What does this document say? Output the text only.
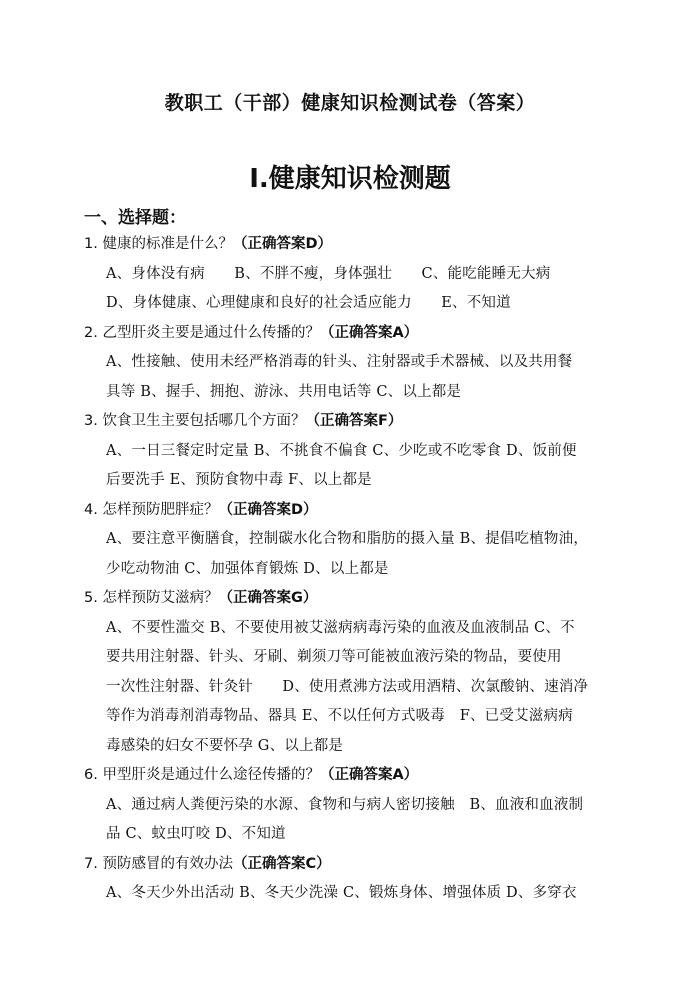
教职工（干部）健康知识检测试卷（答案）
Ⅰ.健康知识检测题
一、选择题：
1. 健康的标准是什么？（正确答案D）
A、身体没有病　　B、不胖不瘦，身体强壮　　C、能吃能睡无大病
D、身体健康、心理健康和良好的社会适应能力　　E、不知道
2. 乙型肝炎主要是通过什么传播的？（正确答案A）
A、性接触、使用未经严格消毒的针头、注射器或手术器械、以及共用餐
具等 B、握手、拥抱、游泳、共用电话等 C、以上都是
3. 饮食卫生主要包括哪几个方面？（正确答案F）
A、一日三餐定时定量 B、不挑食不偏食 C、少吃或不吃零食 D、饭前便
后要洗手 E、预防食物中毒 F、以上都是
4. 怎样预防肥胖症？（正确答案D）
A、要注意平衡膳食，控制碳水化合物和脂肪的摄入量 B、提倡吃植物油，
少吃动物油 C、加强体育锻炼 D、以上都是
5. 怎样预防艾滋病？（正确答案G）
A、不要性滥交 B、不要使用被艾滋病病毒污染的血液及血液制品 C、不
要共用注射器、针头、牙刷、剃须刀等可能被血液污染的物品，要使用
一次性注射器、针灸针　　D、使用煮沸方法或用酒精、次氯酸钠、速消净
等作为消毒剂消毒物品、器具 E、不以任何方式吸毒　F、已受艾滋病病
毒感染的妇女不要怀孕 G、以上都是
6. 甲型肝炎是通过什么途径传播的？（正确答案A）
A、通过病人粪便污染的水源、食物和与病人密切接触　B、血液和血液制
品 C、蚊虫叮咬 D、不知道
7. 预防感冒的有效办法（正确答案C）
A、冬天少外出活动 B、冬天少洗澡 C、锻炼身体、增强体质 D、多穿衣
